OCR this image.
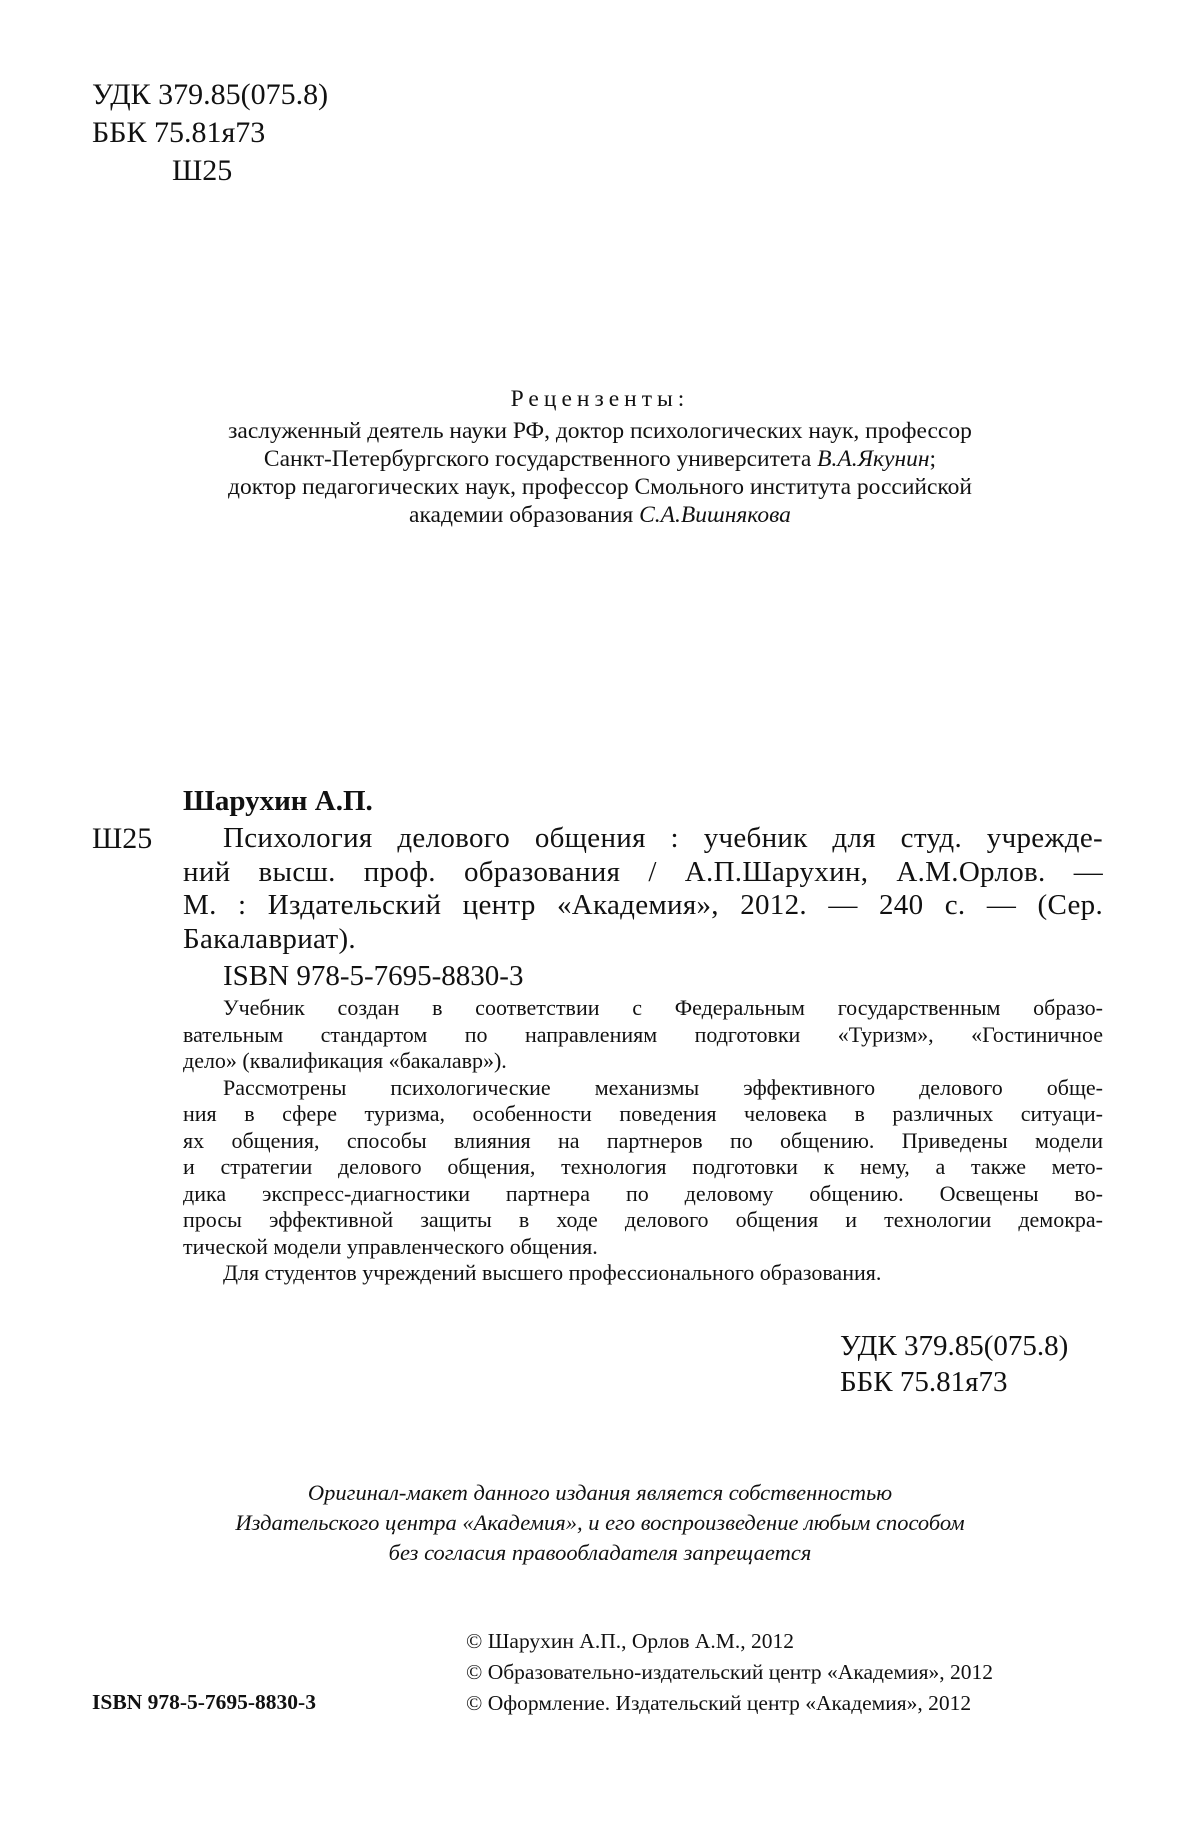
УДК 379.85(075.8)
ББК 75.81я73
Ш25
Рецензенты:
заслуженный деятель науки РФ, доктор психологических наук, профессор
Санкт-Петербургского государственного университета В.А.Якунин;
доктор педагогических наук, профессор Смольного института российской
академии образования С.А.Вишнякова
Шарухин А.П.
Ш25	Психология делового общения : учебник для студ. учрежде-
ний высш. проф. образования / А.П.Шарухин, А.М.Орлов. —
М. : Издательский центр «Академия», 2012. — 240 с. — (Сер.
Бакалавриат).
ISBN 978-5-7695-8830-3
Учебник создан в соответствии с Федеральным государственным образо-
вательным стандартом по направлениям подготовки «Туризм», «Гостиничное
дело» (квалификация «бакалавр»).
Рассмотрены психологические механизмы эффективного делового обще-
ния в сфере туризма, особенности поведения человека в различных ситуаци-
ях общения, способы влияния на партнеров по общению. Приведены модели
и стратегии делового общения, технология подготовки к нему, а также мето-
дика экспресс-диагностики партнера по деловому общению. Освещены во-
просы эффективной защиты в ходе делового общения и технологии демокра-
тической модели управленческого общения.
Для студентов учреждений высшего профессионального образования.
УДК 379.85(075.8)
ББК 75.81я73
Оригинал-макет данного издания является собственностью
Издательского центра «Академия», и его воспроизведение любым способом
без согласия правообладателя запрещается
© Шарухин А.П., Орлов А.М., 2012
© Образовательно-издательский центр «Академия», 2012
© Оформление. Издательский центр «Академия», 2012
ISBN 978-5-7695-8830-3
